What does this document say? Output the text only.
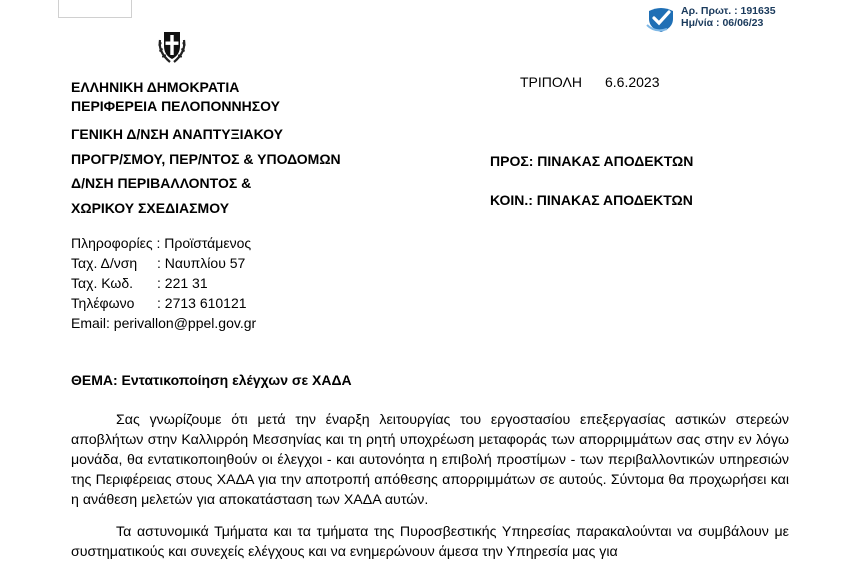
Αρ. Πρωτ. : 191635
Ημ/νία : 06/06/23
ΕΛΛΗΝΙΚΗ ΔΗΜΟΚΡΑΤΙΑ
ΠΕΡΙΦΕΡΕΙΑ ΠΕΛΟΠΟΝΝΗΣΟΥ
ΓΕΝΙΚΗ Δ/ΝΣΗ ΑΝΑΠΤΥΞΙΑΚΟΥ
ΠΡΟΓΡ/ΣΜΟΥ, ΠΕΡ/ΝΤΟΣ & ΥΠΟΔΟΜΩΝ
Δ/ΝΣΗ ΠΕΡΙΒΑΛΛΟΝΤΟΣ &
ΧΩΡΙΚΟΥ ΣΧΕΔΙΑΣΜΟΥ
ΤΡΙΠΟΛΗ 6.6.2023
ΠΡΟΣ: ΠΙΝΑΚΑΣ ΑΠΟΔΕΚΤΩΝ
ΚΟΙΝ.: ΠΙΝΑΚΑΣ ΑΠΟΔΕΚΤΩΝ
Πληροφορίες : Προϊστάμενος
Ταχ. Δ/νση : Ναυπλίου 57
Ταχ. Κωδ. : 221 31
Τηλέφωνο : 2713 610121
Email: perivallon@ppel.gov.gr
ΘΕΜΑ: Εντατικοποίηση ελέγχων σε ΧΑΔΑ
Σας γνωρίζουμε ότι μετά την έναρξη λειτουργίας του εργοστασίου επεξεργασίας αστικών στερεών αποβλήτων στην Καλλιρρόη Μεσσηνίας και τη ρητή υποχρέωση μεταφοράς των απορριμμάτων σας στην εν λόγω μονάδα, θα εντατικοποιηθούν οι έλεγχοι - και αυτονόητα η επιβολή προστίμων - των περιβαλλοντικών υπηρεσιών της Περιφέρειας στους ΧΑΔΑ για την αποτροπή απόθεσης απορριμμάτων σε αυτούς. Σύντομα θα προχωρήσει και η ανάθεση μελετών για αποκατάσταση των ΧΑΔΑ αυτών.
Τα αστυνομικά Τμήματα και τα τμήματα της Πυροσβεστικής Υπηρεσίας παρακαλούνται να συμβάλουν με συστηματικούς και συνεχείς ελέγχους και να ενημερώνουν άμεσα την Υπηρεσία μας για
